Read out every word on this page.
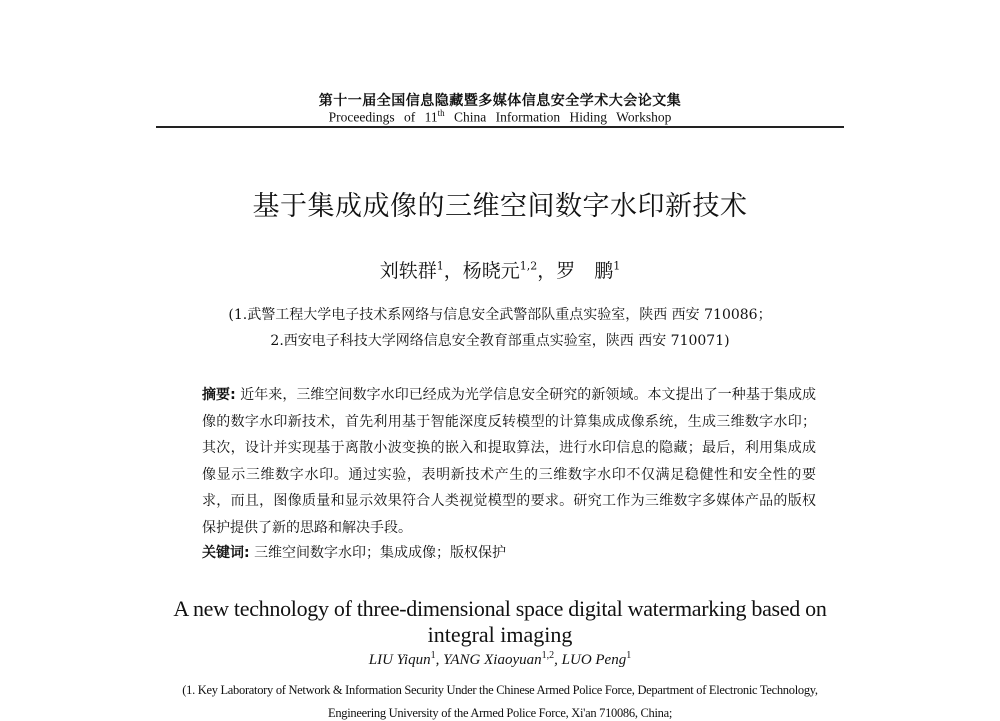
第十一届全国信息隐藏暨多媒体信息安全学术大会论文集
Proceedings of 11th China Information Hiding Workshop
基于集成成像的三维空间数字水印新技术
刘轶群$^1$，杨晓元$^{1,2}$，罗　鹏$^1$
(1.武警工程大学电子技术系网络与信息安全武警部队重点实验室，陕西 西安 710086；
2.西安电子科技大学网络信息安全教育部重点实验室，陕西 西安 710071)
摘要: 近年来，三维空间数字水印已经成为光学信息安全研究的新领域。本文提出了一种基于集成成像的数字水印新技术，首先利用基于智能深度反转模型的计算集成成像系统，生成三维数字水印；其次，设计并实现基于离散小波变换的嵌入和提取算法，进行水印信息的隐藏；最后，利用集成成像显示三维数字水印。通过实验，表明新技术产生的三维数字水印不仅满足稳健性和安全性的要求，而且，图像质量和显示效果符合人类视觉模型的要求。研究工作为三维数字多媒体产品的版权保护提供了新的思路和解决手段。
关键词: 三维空间数字水印；集成成像；版权保护
A new technology of three-dimensional space digital watermarking based on
integral imaging
LIU Yiqun$^1$, YANG Xiaoyuan$^{1,2}$, LUO Peng$^1$
(1. Key Laboratory of Network & Information Security Under the Chinese Armed Police Force, Department of Electronic Technology,
Engineering University of the Armed Police Force, Xi'an 710086, China;
